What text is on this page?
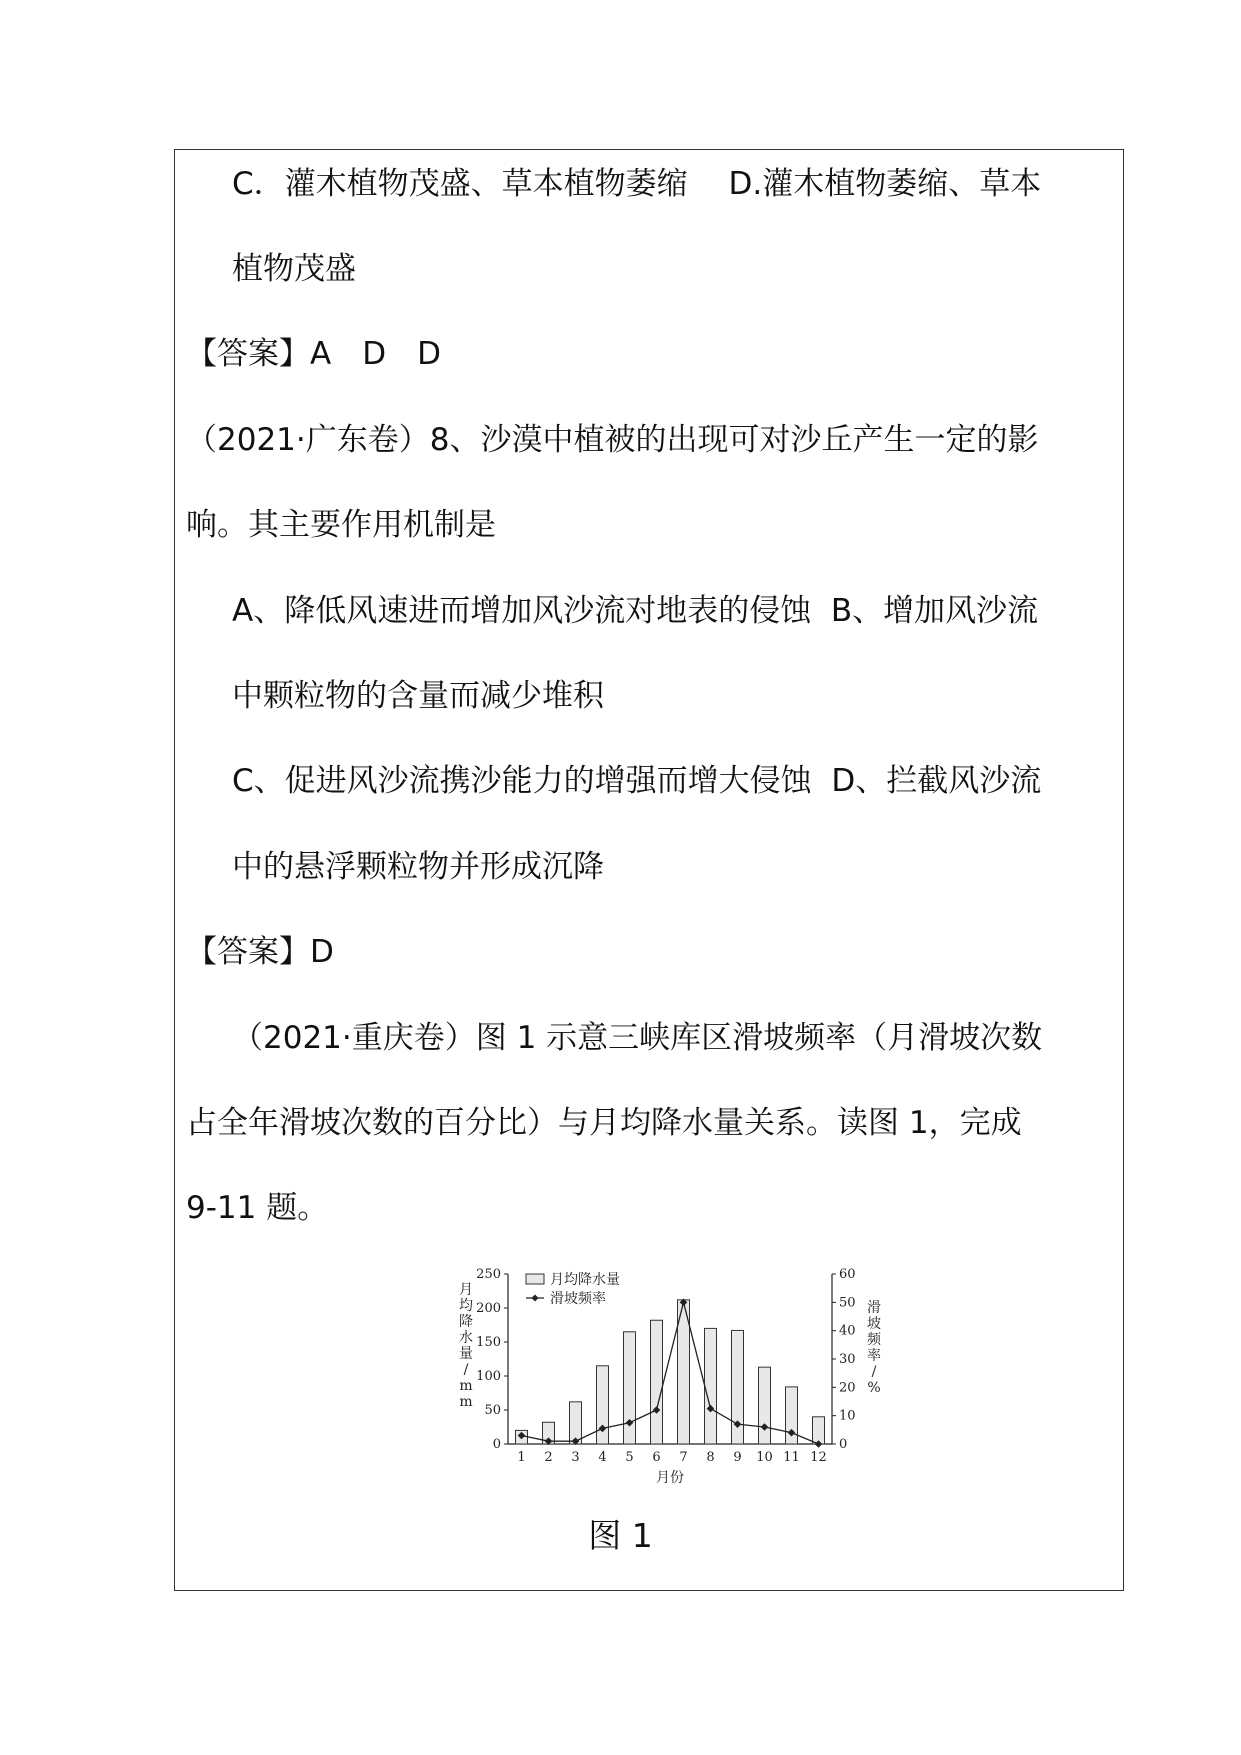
C．灌木植物茂盛、草本植物萎缩　 D.灌木植物萎缩、草本
植物茂盛
【答案】A　D　D
（2021·广东卷）8、沙漠中植被的出现可对沙丘产生一定的影
响。其主要作用机制是
A、降低风速进而增加风沙流对地表的侵蚀  B、增加风沙流
中颗粒物的含量而减少堆积
C、促进风沙流携沙能力的增强而增大侵蚀  D、拦截风沙流
中的悬浮颗粒物并形成沉降
【答案】D
（2021·重庆卷）图 1 示意三峡库区滑坡频率（月滑坡次数
占全年滑坡次数的百分比）与月均降水量关系。读图 1，完成
9-11 题。
0
50
100
150
200
250
0
10
20
30
40
50
60
1 2 3 4 5 6 7 8 9 10 11 12
月均降水量
滑坡频率
月
均
降
水
量
/
m
m
滑
坡
频
率
/
%
月份
图 1
